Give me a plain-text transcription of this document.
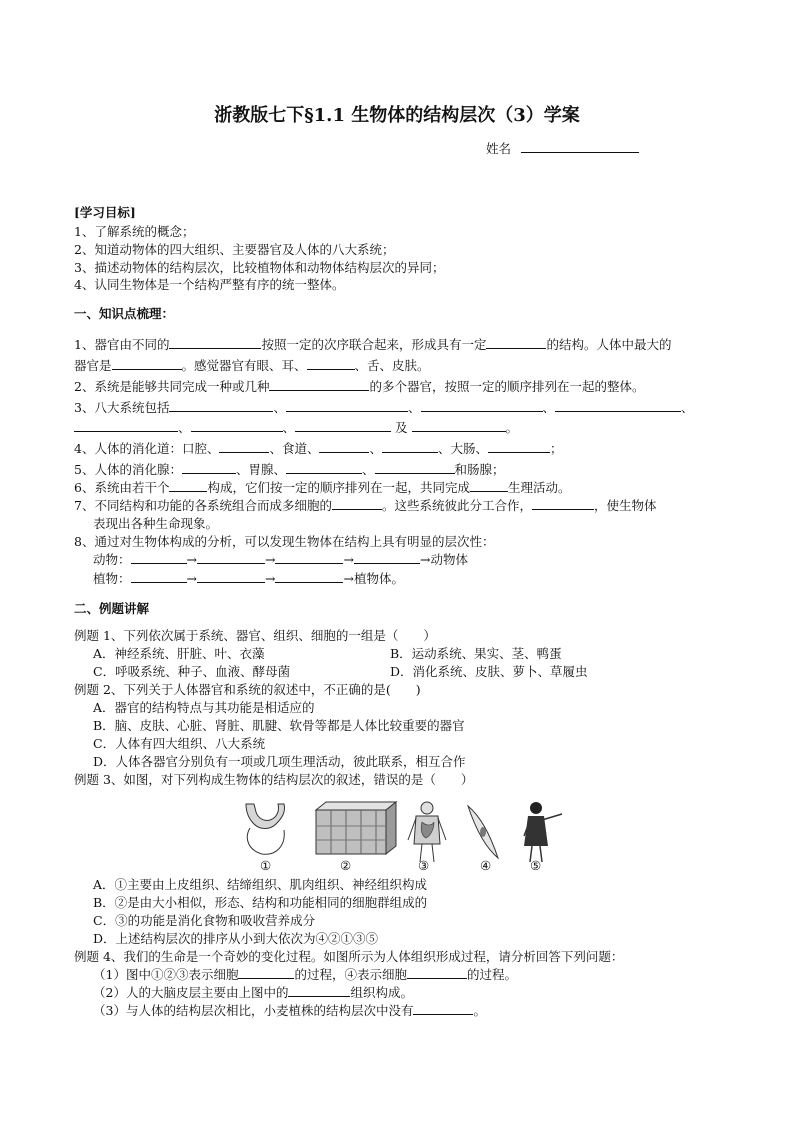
浙教版七下§1.1 生物体的结构层次（3）学案
姓名
[学习目标]
1、了解系统的概念；
2、知道动物体的四大组织、主要器官及人体的八大系统；
3、描述动物体的结构层次，比较植物体和动物体结构层次的异同；
4、认同生物体是一个结构严整有序的统一整体。
一、知识点梳理：
1、器官由不同的	按照一定的次序联合起来，形成具有一定	的结构。人体中最大的
器官是	。感觉器官有眼、耳、	、舌、皮肤。
2、系统是能够共同完成一种或几种	的多个器官，按照一定的顺序排列在一起的整体。
3、八大系统包括	、	、	、	、
、	、	及	。
4、人体的消化道：口腔、	、食道、	、	、大肠、	；
5、人体的消化腺：	、胃腺、	、	和肠腺；
6、系统由若干个	构成，它们按一定的顺序排列在一起，共同完成	生理活动。
7、不同结构和功能的各系统组合而成多细胞的	。这些系统彼此分工合作，	，使生物体
表现出各种生命现象。
8、通过对生物体构成的分析，可以发现生物体在结构上具有明显的层次性：
动物：	→	→	→	→动物体
植物：	→	→	→植物体。
二、例题讲解
例题 1、下列依次属于系统、器官、组织、细胞的一组是（　　）
A．神经系统、肝脏、叶、衣藻	B．运动系统、果实、茎、鸭蛋
C．呼吸系统、种子、血液、酵母菌	D．消化系统、皮肤、萝卜、草履虫
例题 2、下列关于人体器官和系统的叙述中，不正确的是(　　)
A．器官的结构特点与其功能是相适应的
B．脑、皮肤、心脏、肾脏、肌腱、软骨等都是人体比较重要的器官
C．人体有四大组织、八大系统
D．人体各器官分别负有一项或几项生理活动，彼此联系，相互合作
例题 3、如图，对下列构成生物体的结构层次的叙述，错误的是（　　）
①	②	③	④	⑤
A．①主要由上皮组织、结缔组织、肌肉组织、神经组织构成
B．②是由大小相似，形态、结构和功能相同的细胞群组成的
C．③的功能是消化食物和吸收营养成分
D．上述结构层次的排序从小到大依次为④②①③⑤
例题 4、我们的生命是一个奇妙的变化过程。如图所示为人体组织形成过程，请分析回答下列问题：
（1）图中①②③表示细胞	的过程，④表示细胞	的过程。
（2）人的大脑皮层主要由上图中的	组织构成。
（3）与人体的结构层次相比，小麦植株的结构层次中没有	。
